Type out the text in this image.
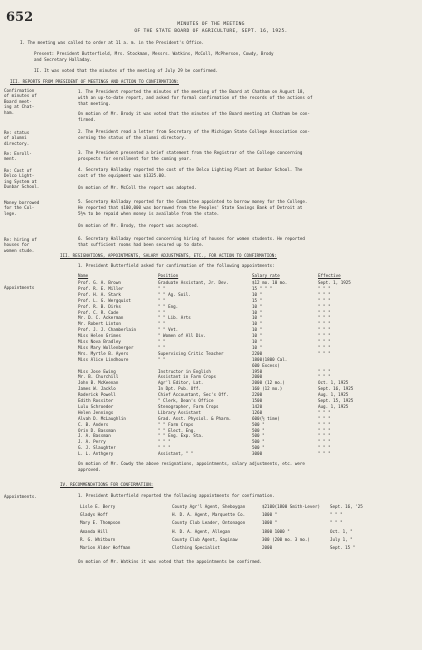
652	MINUTES OF THE MEETING
OF THE STATE BOARD OF AGRICULTURE, SEPT. 16, 1925.
I. The meeting was called to order at 11 a. m. in the President's Office.
Present: President Butterfield, Mrs. Stockman, Messrs. Watkins, McColl, McPherson, Cowdy, Brody
and Secretary Halladay.
II. It was voted that the minutes of the meeting of July 29 be confirmed.
III. REPORTS FROM PRESIDENT OF MEETINGS AND ACTION TO CONFIRMATION:
Confirmation
of minutes of
Board meet-
ing at Chat-
ham.
1. The President reported the minutes of the meeting of the Board at Chatham on August 18,
with an up-to-date report, and asked for formal confirmation of the records of the actions of
that meeting.
On motion of Mr. Brody it was voted that the minutes of the Board meeting at Chatham be con-
firmed.
Re: status
of alumni
directory.
2. The President read a letter from Secretary of the Michigan State College Association con-
cerning the status of the alumni directory.
Re: Enroll-
ment.
3. The President presented a brief statement from the Registrar of the College concerning
prospects for enrollment for the coming year.
Re: Cost of
Delco Light-
ing System at
Dunbar School.
4. Secretary Halladay reported the cost of the Delco Lighting Plant at Dunbar School. The
cost of the equipment was $1325.00.
On motion of Mr. McColl the report was adopted.
Money borrowed
for the Col-
lege.
5. Secretary Halladay reported for the Committee appointed to borrow money for the College.
He reported that $100,000 was borrowed from the Peoples' State Savings Bank of Detroit at
5½% to be repaid when money is available from the state.
On motion of Mr. Brody, the report was accepted.
Re: hiring of
houses for
women stude.
6. Secretary Halladay reported concerning hiring of houses for women students. He reported
that sufficient rooms had been secured up to date.
III. RESIGNATIONS, APPOINTMENTS, SALARY ADJUSTMENTS, ETC., FOR ACTION TO CONFIRMATION:
1. President Butterfield asked for confirmation of the following appointments:
Appointments
Name	Position	Salary rate	Effective
Prof. G. A. Brown	Graduate Assistant, Jr. Dev.	$12 mo. 10 mo.	Sept. 1, 1925
Prof. R. E. Miller	" "	15 " " "	" " "
Prof. H. A. Stark	" " Ag. Soil.	10 "	" " "
Prof. L. G. Wergquist	" "	15 "	" " "
Prof. R. B. Dirks	" " Eng.	10 "	" " "
Prof. C. R. Cade	" "	10 "	" " "
Mr. D. C. Ackerman	" " Lib. Arts	10 "	" " "
Mr. Robert Linton	" "	10 "	" " "
Prof. J. J. Chamberlain	" " Vet.	10 "	" " "
Miss Helen Grimes	" Women of All Div.	10 "	" " "
Miss Nova Bradley	" "	10 "	" " "
Miss Mary Wollenberger	" "	10 "	" " "
Mrs. Myrtle B. Ayers	Supervising Critic Teacher	2200	" " "
Miss Alice Lindhoure	" "	1800(1800 Cal.
600 Excess)
Miss Jose Ewing	Instructor in English	1950	" " "
Mr. B. Churchill	Assistant in Farm Crops	2000	" " "
John B. McKeenan	Agr'l Editor, Lat.	2000 (12 mo.)	Oct. 1, 1925
James W. Jacklo	In Dpt. Pub. Off.	160 (12 mo.)	Sept. 16, 1925
Roderick Powell	Chief Accountant, Sec's Off.	2200	Aug. 1, 1925
Edith Rossiter	" Clerk, Dean's Office	1500	Sept. 15, 1925
Lulu Schroeder	Stenographer, Farm Crops	1420	Aug. 1, 1925
Helen Jennings	Library Assistant	1260	" " "
Alvah D. McLaughlin	Grad. Asst. Physiol. & Pharm.	600(½ time)	" " "
C. B. Anders	" " Farm Crops	500 "	" " "
Orin D. Bassman	" " Elect. Eng.	500 "	" " "
J. A. Bassman	" " Eng. Exp. Sta.	500 "	" " "
J. A. Perry	" " "	500 "	" " "
G. J. Slaughter	" " "	500 "	" " "
L. L. Anthgery	Assistant, " "	3000	" " "
On motion of Mr. Cowdy the above resignations, appointments, salary adjustments, etc. were
approved.
IV. RECOMMENDATIONS FOR CONFIRMATION:
Appointments.	1. President Butterfield reported the following appointments for confirmation.
Lisle E. Berry	County Agr'l Agent, Sheboygan	$2100(1800 Smith-Lever) Sept. 16, '25
Gladys Hoff	H. D. A. Agent, Marquette Co.	1000 "	" " "
Mary E. Thompson	County Club Leader, Ontonagon	1000 "	" " "
Amanda Hill	H. D. A. Agent, Allegan	1800 1000 "	Oct. 1, "
R. G. Whitburn	County Club Agent, Saginaw	300 (200 mo. 3 mo.)	July 1, "
Marion Alder Hoffman	Clothing Specialist	2000	Sept. 15 "
On motion of Mr. Watkins it was voted that the appointments be confirmed.
